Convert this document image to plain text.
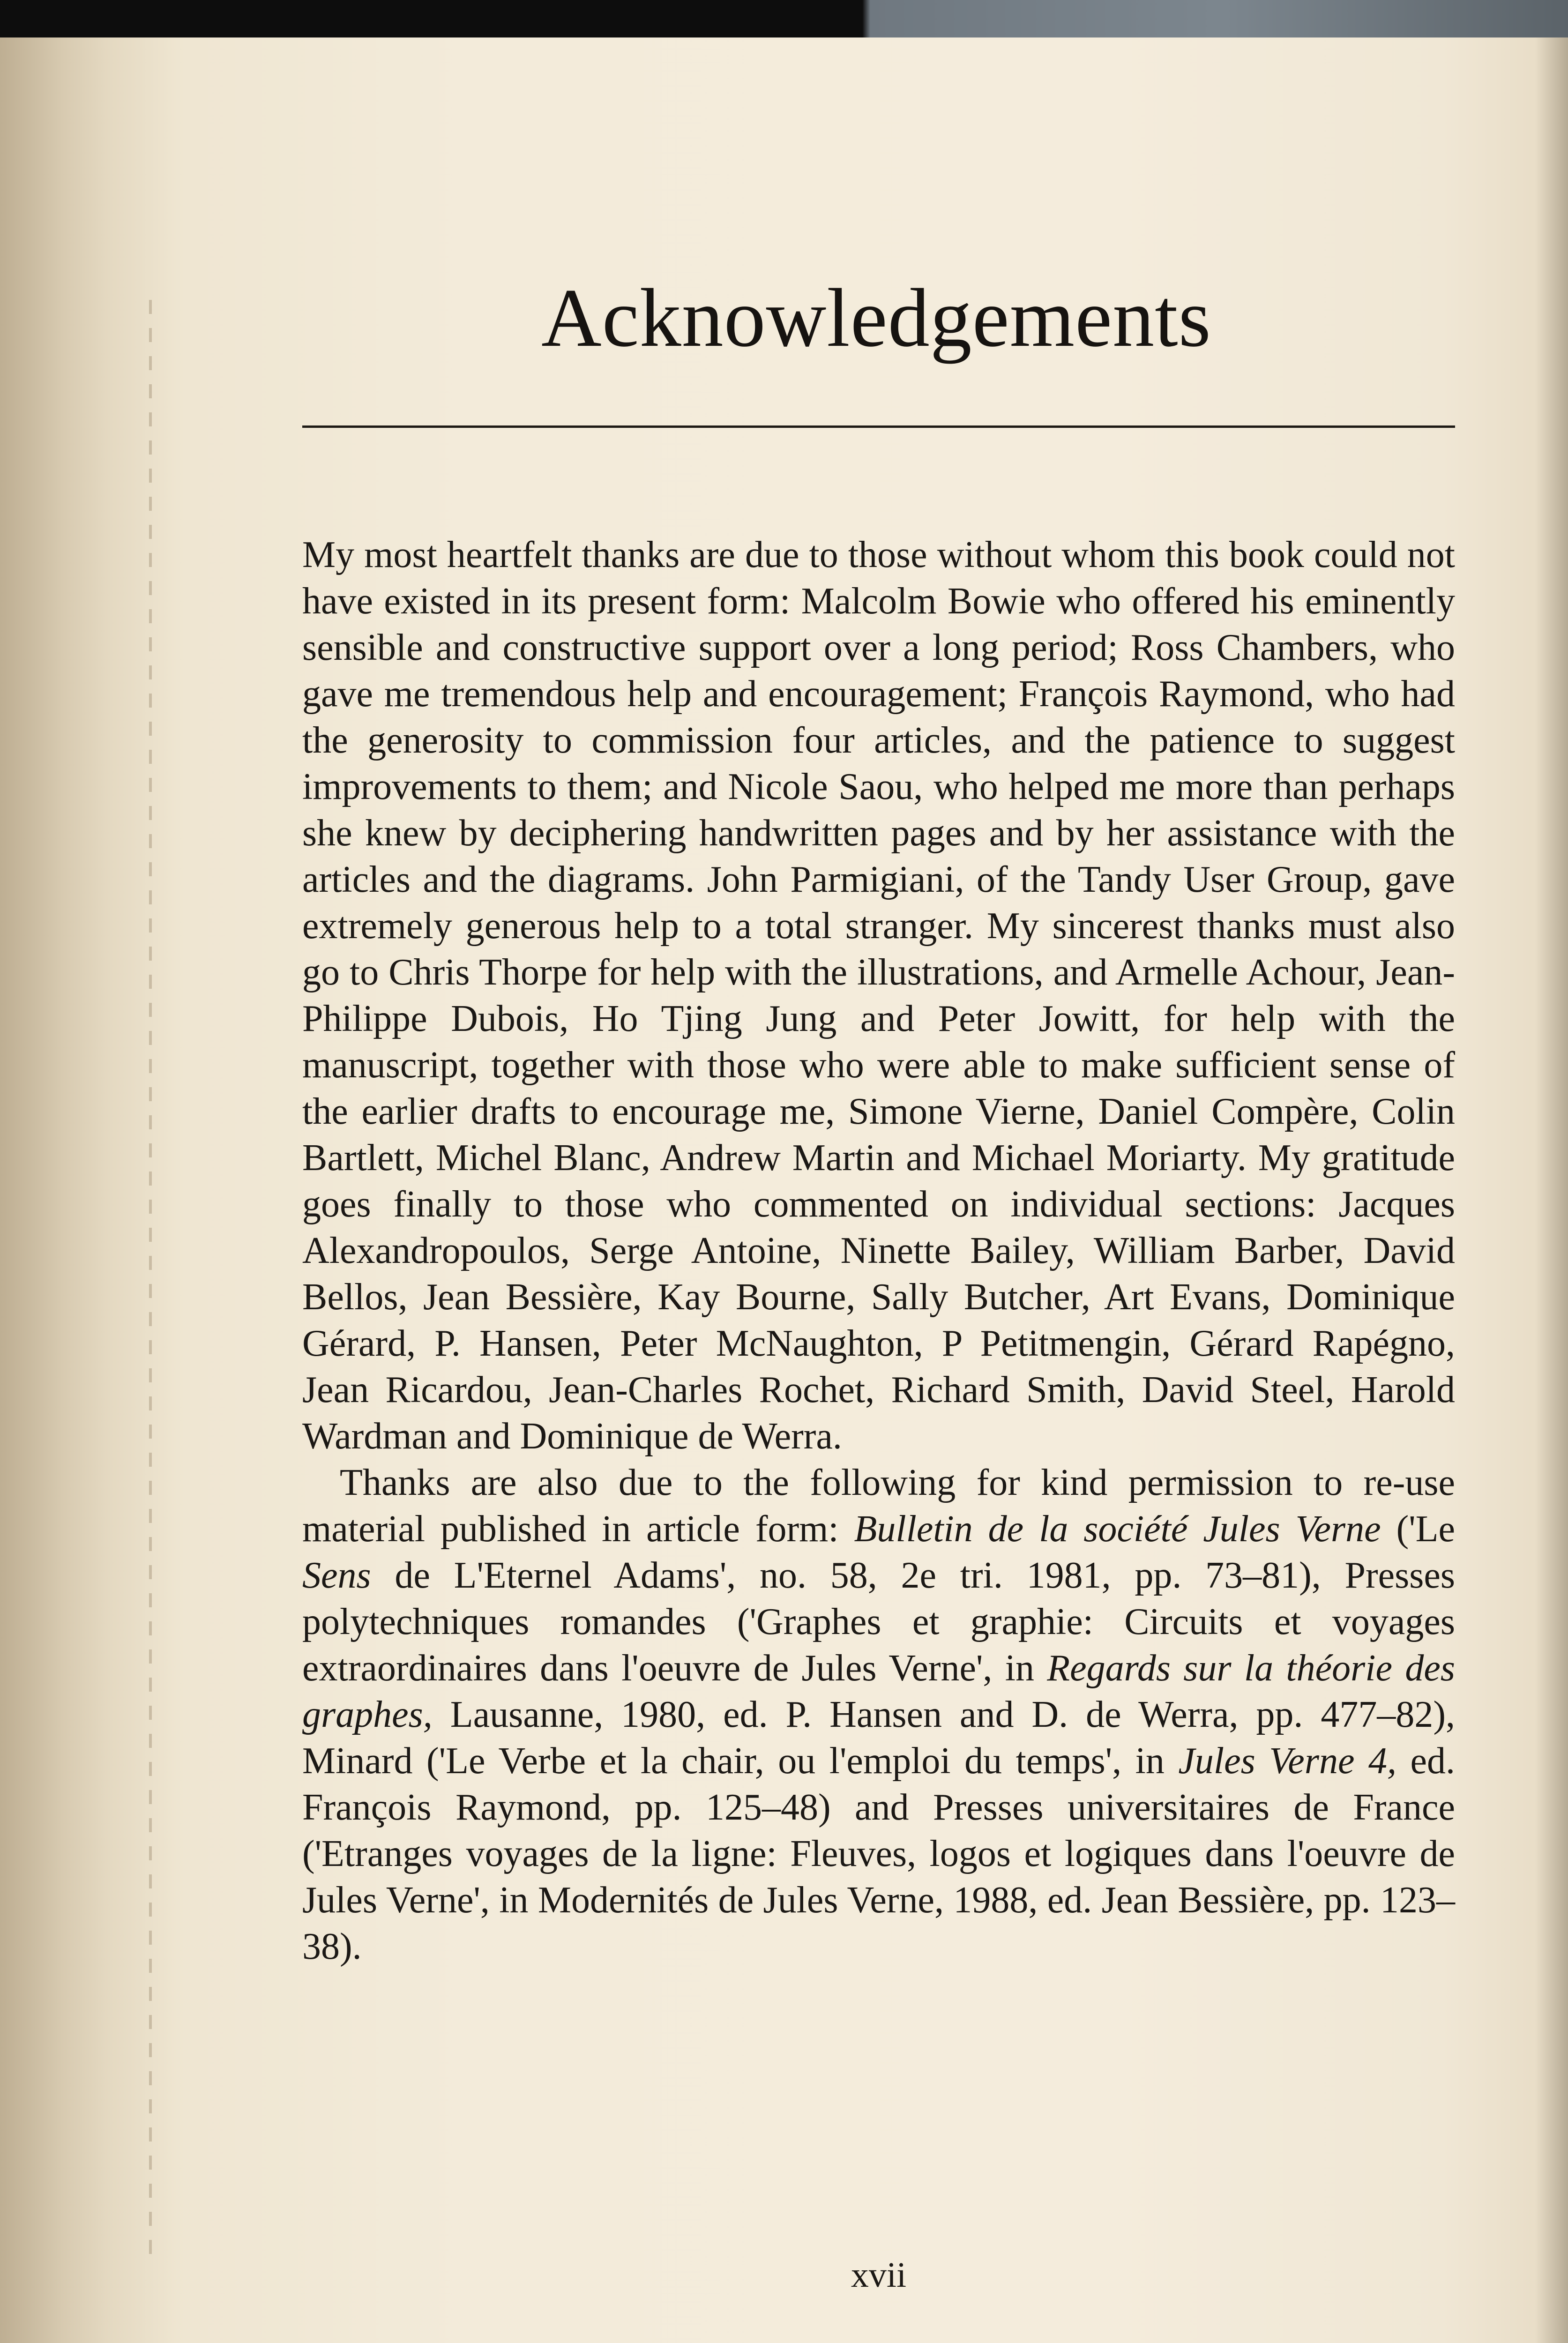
Acknowledgements

My most heartfelt thanks are due to those without whom this book could not have existed in its present form: Malcolm Bowie who offered his eminently sensible and constructive support over a long period; Ross Chambers, who gave me tremendous help and encouragement; François Raymond, who had the generosity to commission four articles, and the patience to suggest improvements to them; and Nicole Saou, who helped me more than perhaps she knew by deciphering handwritten pages and by her assistance with the articles and the diagrams. John Parmigiani, of the Tandy User Group, gave extremely generous help to a total stranger. My sincerest thanks must also go to Chris Thorpe for help with the illustrations, and Armelle Achour, Jean-Philippe Dubois, Ho Tjing Jung and Peter Jowitt, for help with the manuscript, together with those who were able to make sufficient sense of the earlier drafts to encourage me, Simone Vierne, Daniel Compère, Colin Bartlett, Michel Blanc, Andrew Martin and Michael Moriarty. My gratitude goes finally to those who commented on individual sections: Jacques Alexandropoulos, Serge Antoine, Ninette Bailey, William Barber, David Bellos, Jean Bessière, Kay Bourne, Sally Butcher, Art Evans, Dominique Gérard, P. Hansen, Peter McNaughton, P Petitmengin, Gérard Rapégno, Jean Ricardou, Jean-Charles Rochet, Richard Smith, David Steel, Harold Wardman and Dominique de Werra.

Thanks are also due to the following for kind permission to re-use material published in article form: Bulletin de la société Jules Verne ('Le Sens de L'Eternel Adams', no. 58, 2e tri. 1981, pp. 73–81), Presses polytechniques romandes ('Graphes et graphie: Circuits et voyages extraordinaires dans l'oeuvre de Jules Verne', in Regards sur la théorie des graphes, Lausanne, 1980, ed. P. Hansen and D. de Werra, pp. 477–82), Minard ('Le Verbe et la chair, ou l'emploi du temps', in Jules Verne 4, ed. François Raymond, pp. 125–48) and Presses universitaires de France ('Etranges voyages de la ligne: Fleuves, logos et logiques dans l'oeuvre de Jules Verne', in Modernités de Jules Verne, 1988, ed. Jean Bessière, pp. 123–38).

xvii
